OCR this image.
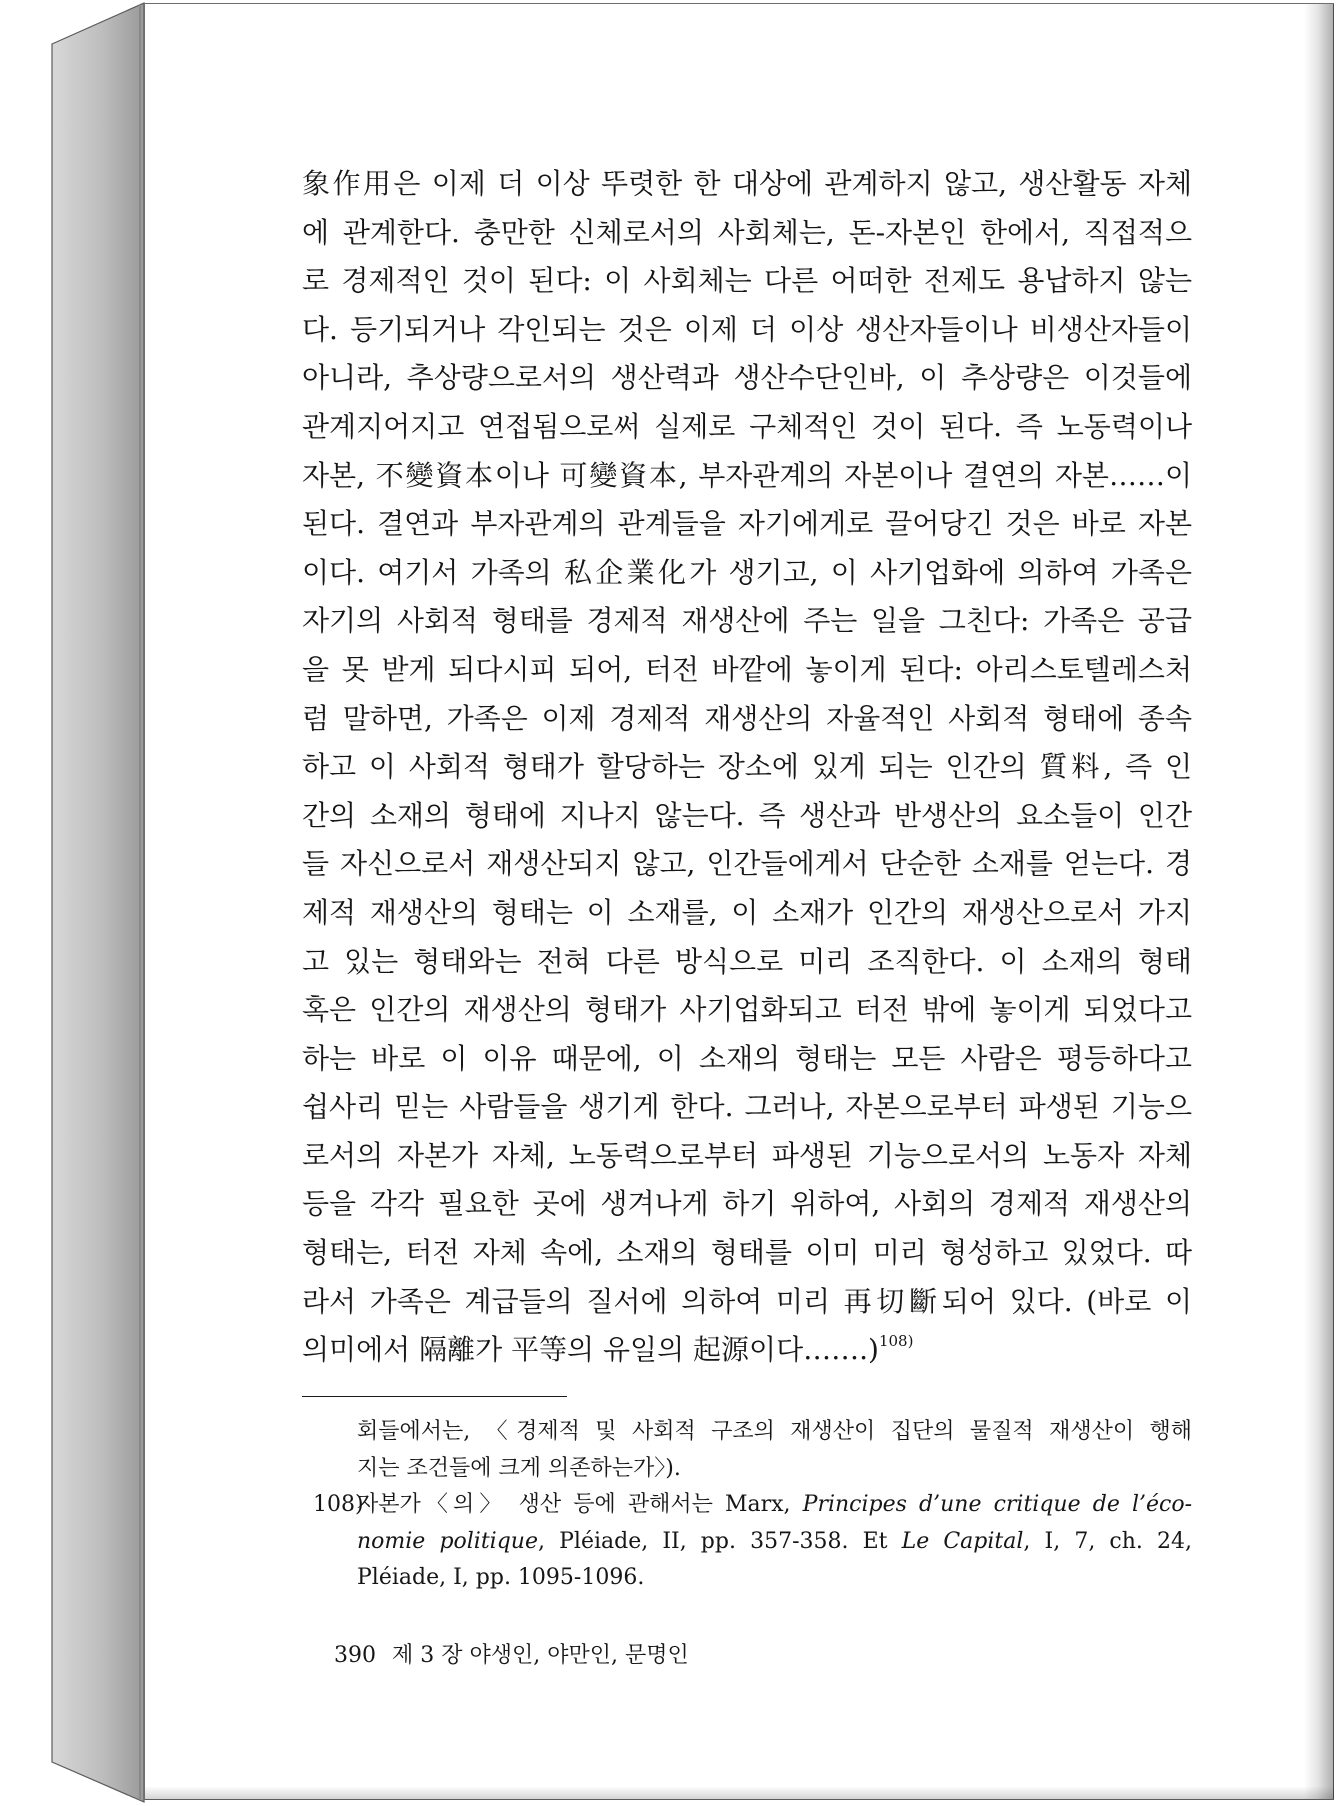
象作用은 이제 더 이상 뚜렷한 한 대상에 관계하지 않고, 생산활동 자체
에 관계한다. 충만한 신체로서의 사회체는, 돈-자본인 한에서, 직접적으
로 경제적인 것이 된다: 이 사회체는 다른 어떠한 전제도 용납하지 않는
다. 등기되거나 각인되는 것은 이제 더 이상 생산자들이나 비생산자들이
아니라, 추상량으로서의 생산력과 생산수단인바, 이 추상량은 이것들에
관계지어지고 연접됨으로써 실제로 구체적인 것이 된다. 즉 노동력이나
자본, 不變資本이나 可變資本, 부자관계의 자본이나 결연의 자본……이
된다. 결연과 부자관계의 관계들을 자기에게로 끌어당긴 것은 바로 자본
이다. 여기서 가족의 私企業化가 생기고, 이 사기업화에 의하여 가족은
자기의 사회적 형태를 경제적 재생산에 주는 일을 그친다: 가족은 공급
을 못 받게 되다시피 되어, 터전 바깥에 놓이게 된다: 아리스토텔레스처
럼 말하면, 가족은 이제 경제적 재생산의 자율적인 사회적 형태에 종속
하고 이 사회적 형태가 할당하는 장소에 있게 되는 인간의 質料, 즉 인
간의 소재의 형태에 지나지 않는다. 즉 생산과 반생산의 요소들이 인간
들 자신으로서 재생산되지 않고, 인간들에게서 단순한 소재를 얻는다. 경
제적 재생산의 형태는 이 소재를, 이 소재가 인간의 재생산으로서 가지
고 있는 형태와는 전혀 다른 방식으로 미리 조직한다. 이 소재의 형태
혹은 인간의 재생산의 형태가 사기업화되고 터전 밖에 놓이게 되었다고
하는 바로 이 이유 때문에, 이 소재의 형태는 모든 사람은 평등하다고
쉽사리 믿는 사람들을 생기게 한다. 그러나, 자본으로부터 파생된 기능으
로서의 자본가 자체, 노동력으로부터 파생된 기능으로서의 노동자 자체
등을 각각 필요한 곳에 생겨나게 하기 위하여, 사회의 경제적 재생산의
형태는, 터전 자체 속에, 소재의 형태를 이미 미리 형성하고 있었다. 따
라서 가족은 계급들의 질서에 의하여 미리 再切斷되어 있다. (바로 이
의미에서 隔離가 平等의 유일의 起源이다…….)$^{108)}$
회들에서는, 〈경제적 및 사회적 구조의 재생산이 집단의 물질적 재생산이 행해
지는 조건들에 크게 의존하는가〉).
108)
자본가〈의〉 생산 등에 관해서는 Marx, Principes d’une critique de l’éco-
nomie politique, Pléiade, II, pp. 357-358. Et Le Capital, I, 7, ch. 24,
Pléiade, I, pp. 1095-1096.
390 제 3 장 야생인, 야만인, 문명인
